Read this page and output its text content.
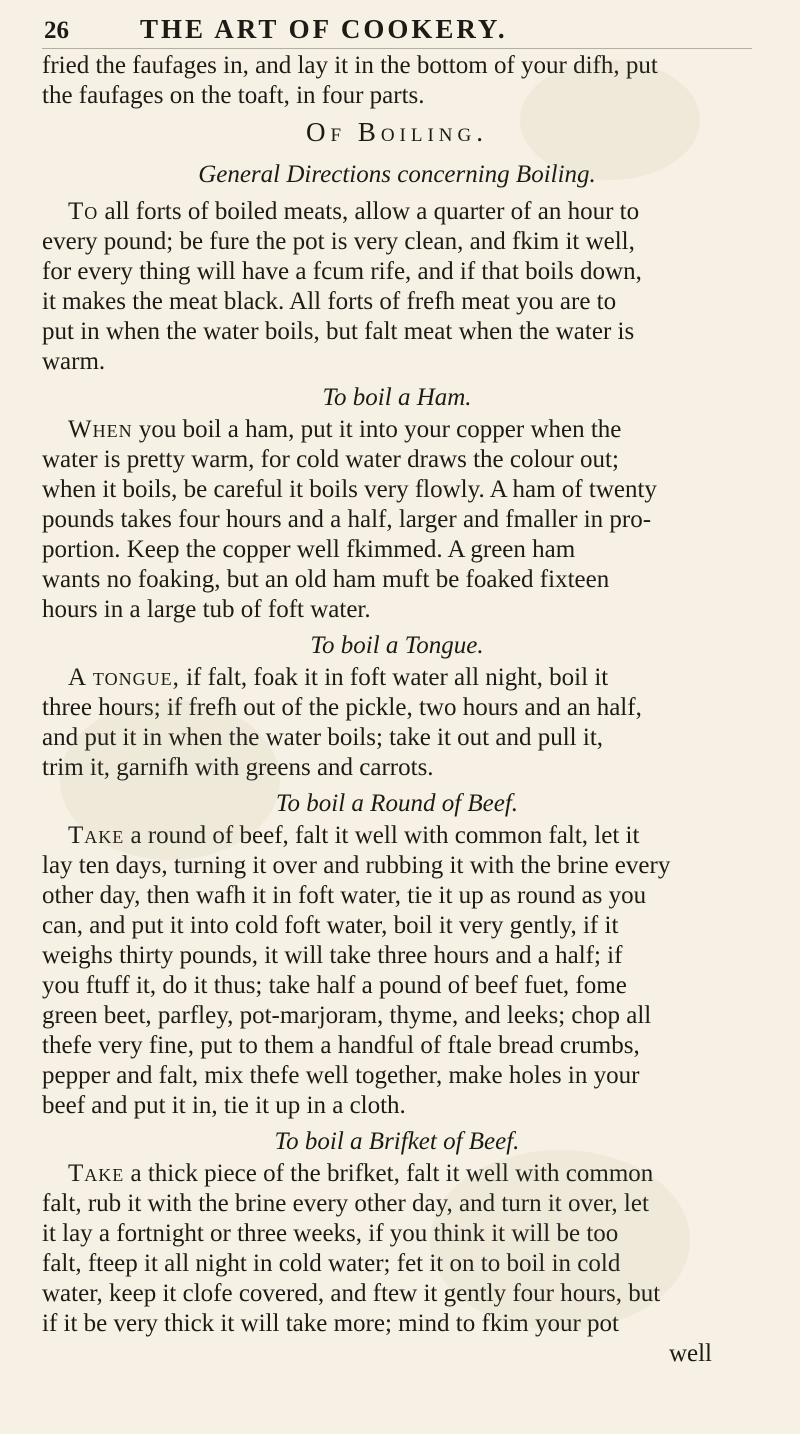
26	THE ART OF COOKERY.
fried the faufages in, and lay it in the bottom of your difh, put
the faufages on the toaft, in four parts.
Of Boiling.
General Directions concerning Boiling.
To all forts of boiled meats, allow a quarter of an hour to
every pound; be fure the pot is very clean, and fkim it well,
for every thing will have a fcum rife, and if that boils down,
it makes the meat black. All forts of frefh meat you are to
put in when the water boils, but falt meat when the water is
warm.
To boil a Ham.
When you boil a ham, put it into your copper when the
water is pretty warm, for cold water draws the colour out;
when it boils, be careful it boils very flowly. A ham of twenty
pounds takes four hours and a half, larger and fmaller in pro-
portion. Keep the copper well fkimmed. A green ham
wants no foaking, but an old ham muft be foaked fixteen
hours in a large tub of foft water.
To boil a Tongue.
A tongue, if falt, foak it in foft water all night, boil it
three hours; if frefh out of the pickle, two hours and an half,
and put it in when the water boils; take it out and pull it,
trim it, garnifh with greens and carrots.
To boil a Round of Beef.
Take a round of beef, falt it well with common falt, let it
lay ten days, turning it over and rubbing it with the brine every
other day, then wafh it in foft water, tie it up as round as you
can, and put it into cold foft water, boil it very gently, if it
weighs thirty pounds, it will take three hours and a half; if
you ftuff it, do it thus; take half a pound of beef fuet, fome
green beet, parfley, pot-marjoram, thyme, and leeks; chop all
thefe very fine, put to them a handful of ftale bread crumbs,
pepper and falt, mix thefe well together, make holes in your
beef and put it in, tie it up in a cloth.
To boil a Brifket of Beef.
Take a thick piece of the brifket, falt it well with common
falt, rub it with the brine every other day, and turn it over, let
it lay a fortnight or three weeks, if you think it will be too
falt, fteep it all night in cold water; fet it on to boil in cold
water, keep it clofe covered, and ftew it gently four hours, but
if it be very thick it will take more; mind to fkim your pot
well
